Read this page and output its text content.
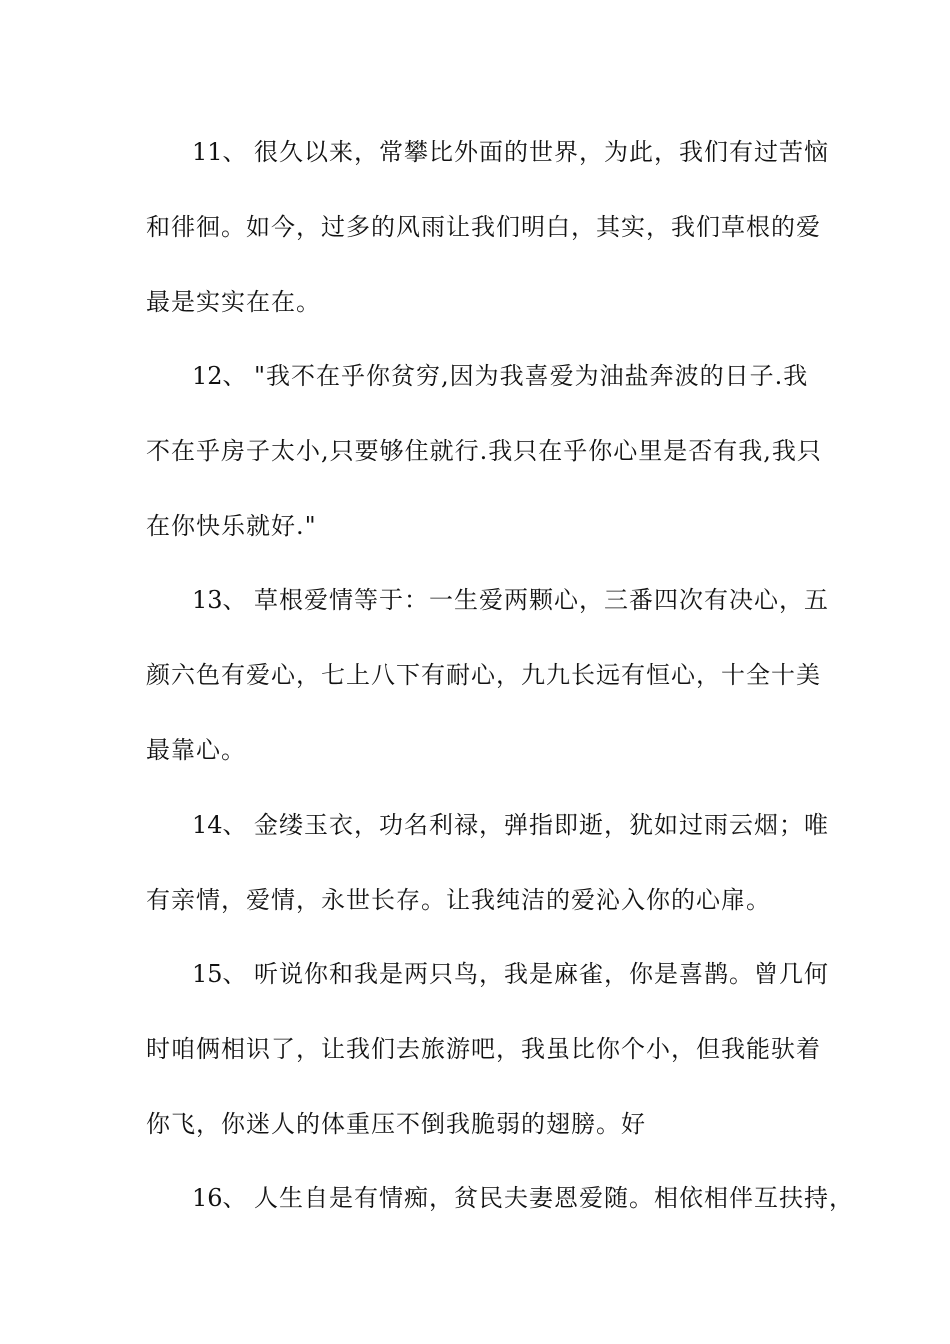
11、 很久以来，常攀比外面的世界，为此，我们有过苦恼
和徘徊。如今，过多的风雨让我们明白，其实，我们草根的爱
最是实实在在。
12、 "我不在乎你贫穷,因为我喜爱为油盐奔波的日子.我
不在乎房子太小,只要够住就行.我只在乎你心里是否有我,我只
在你快乐就好."
13、 草根爱情等于：一生爱两颗心，三番四次有决心，五
颜六色有爱心，七上八下有耐心，九九长远有恒心，十全十美
最靠心。
14、 金缕玉衣，功名利禄，弹指即逝，犹如过雨云烟；唯
有亲情，爱情，永世长存。让我纯洁的爱沁入你的心扉。
15、 听说你和我是两只鸟，我是麻雀，你是喜鹊。曾几何
时咱俩相识了，让我们去旅游吧，我虽比你个小，但我能驮着
你飞，你迷人的体重压不倒我脆弱的翅膀。好
16、 人生自是有情痴，贫民夫妻恩爱随。相依相伴互扶持，
